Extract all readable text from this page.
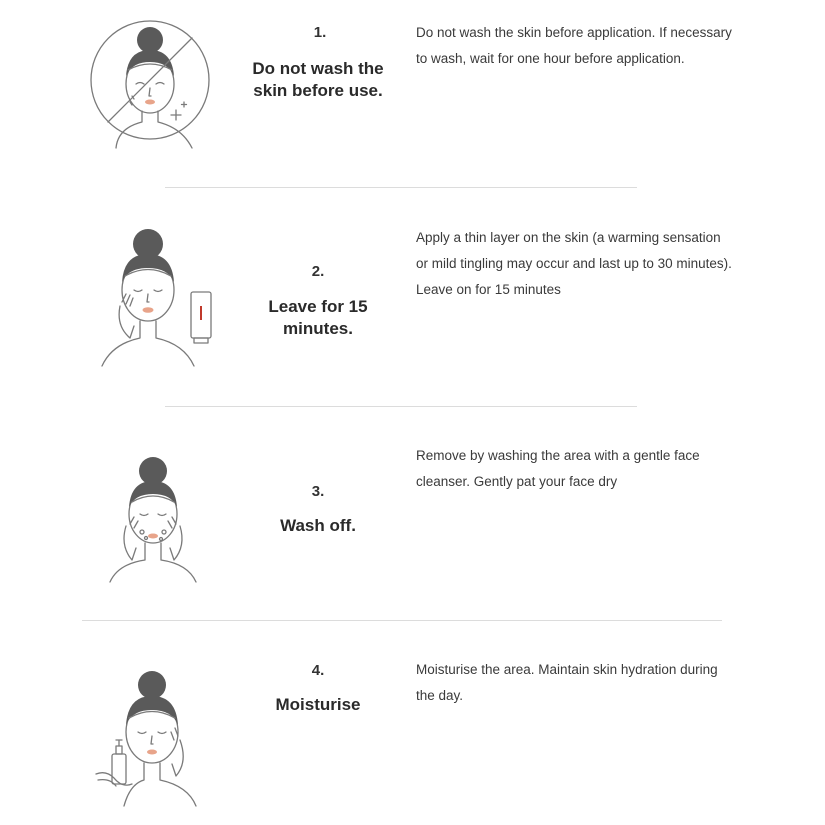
1.
Do not wash the
skin before use.
Do not wash the skin before application. If necessary to wash, wait for one hour before application.
2.
Leave for 15
minutes.
Apply a thin layer on the skin (a warming sensation or mild tingling may occur and last up to 30 minutes). Leave on for 15 minutes
3.
Wash off.
Remove by washing the area with a gentle face cleanser. Gently pat your face dry
4.
Moisturise
Moisturise the area. Maintain skin hydration during the day.
